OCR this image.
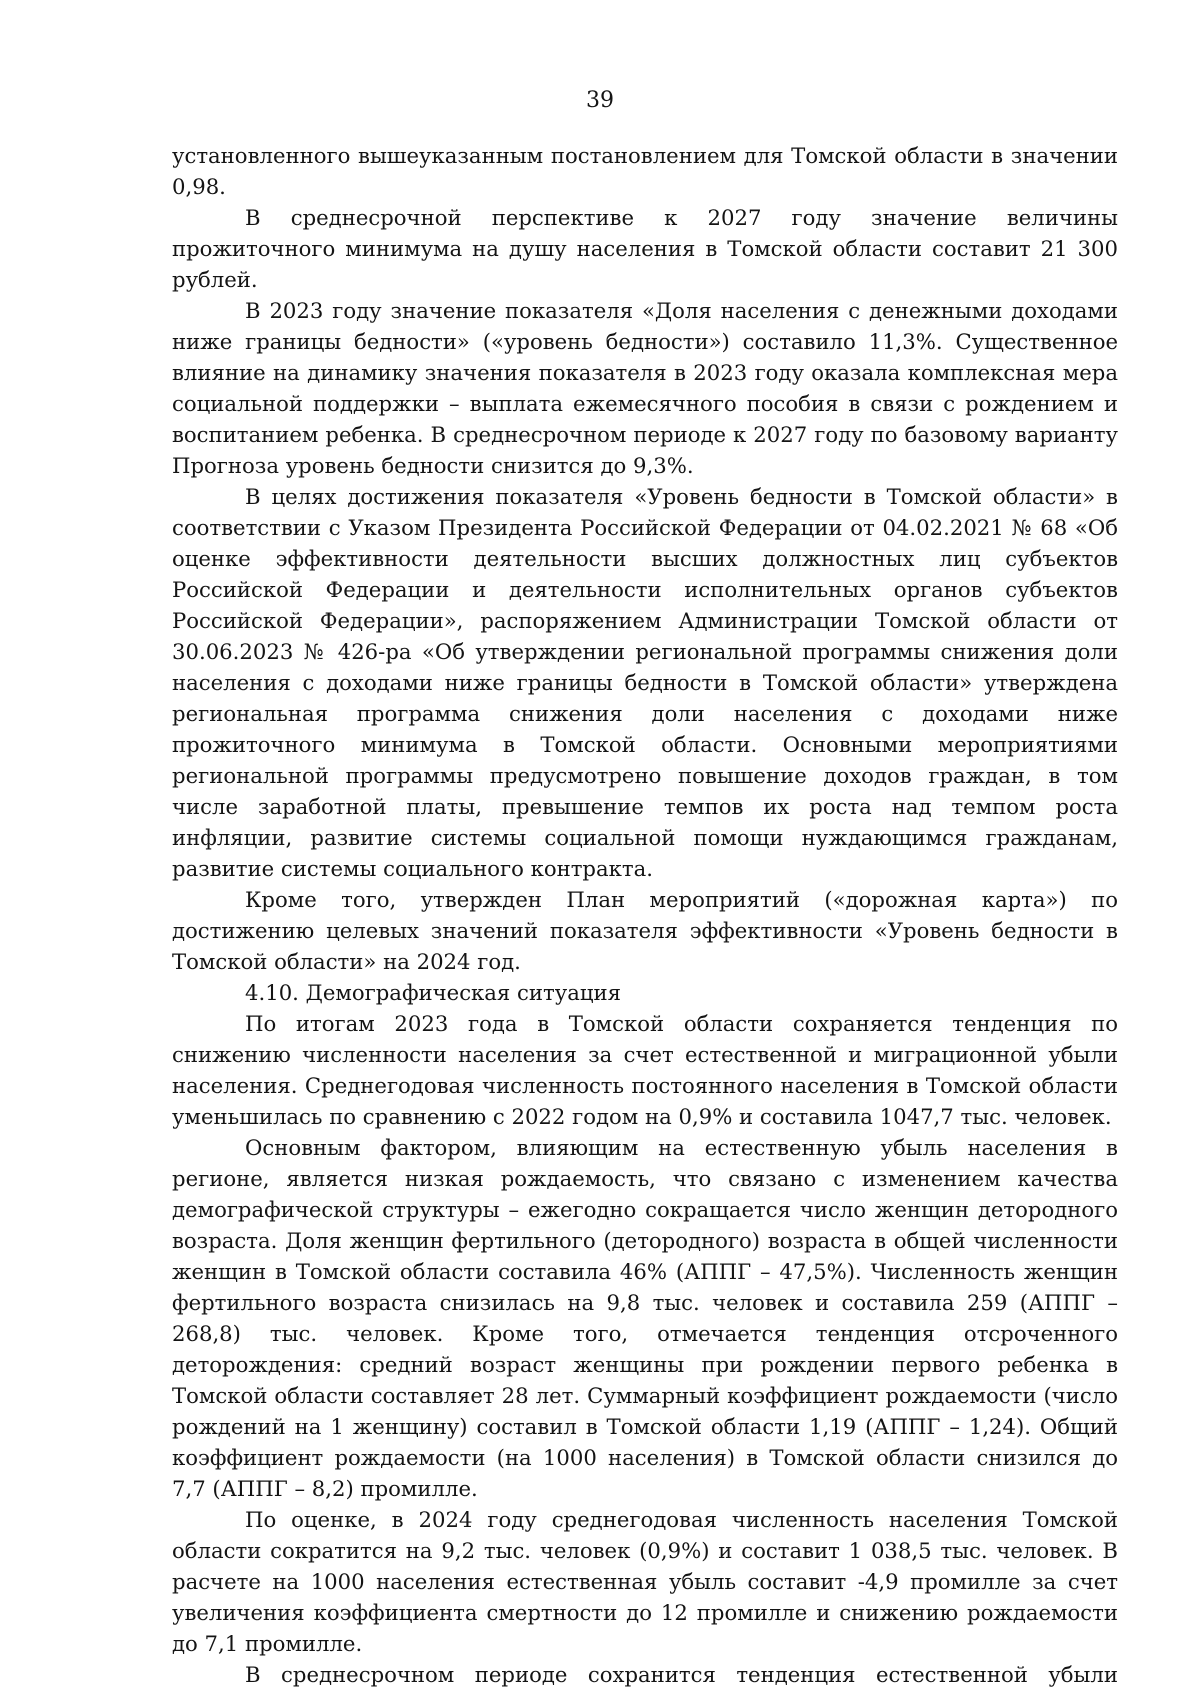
39

установленного вышеуказанным постановлением для Томской области в значении 0,98.

В среднесрочной перспективе к 2027 году значение величины прожиточного минимума на душу населения в Томской области составит 21 300 рублей.

В 2023 году значение показателя «Доля населения с денежными доходами ниже границы бедности» («уровень бедности») составило 11,3%. Существенное влияние на динамику значения показателя в 2023 году оказала комплексная мера социальной поддержки – выплата ежемесячного пособия в связи с рождением и воспитанием ребенка. В среднесрочном периоде к 2027 году по базовому варианту Прогноза уровень бедности снизится до 9,3%.

В целях достижения показателя «Уровень бедности в Томской области» в соответствии с Указом Президента Российской Федерации от 04.02.2021 № 68 «Об оценке эффективности деятельности высших должностных лиц субъектов Российской Федерации и деятельности исполнительных органов субъектов Российской Федерации», распоряжением Администрации Томской области от 30.06.2023 № 426-ра «Об утверждении региональной программы снижения доли населения с доходами ниже границы бедности в Томской области» утверждена региональная программа снижения доли населения с доходами ниже прожиточного минимума в Томской области. Основными мероприятиями региональной программы предусмотрено повышение доходов граждан, в том числе заработной платы, превышение темпов их роста над темпом роста инфляции, развитие системы социальной помощи нуждающимся гражданам, развитие системы социального контракта.

Кроме того, утвержден План мероприятий («дорожная карта») по достижению целевых значений показателя эффективности «Уровень бедности в Томской области» на 2024 год.

4.10. Демографическая ситуация

По итогам 2023 года в Томской области сохраняется тенденция по снижению численности населения за счет естественной и миграционной убыли населения. Среднегодовая численность постоянного населения в Томской области уменьшилась по сравнению с 2022 годом на 0,9% и составила 1047,7 тыс. человек.

Основным фактором, влияющим на естественную убыль населения в регионе, является низкая рождаемость, что связано с изменением качества демографической структуры – ежегодно сокращается число женщин детородного возраста. Доля женщин фертильного (детородного) возраста в общей численности женщин в Томской области составила 46% (АППГ – 47,5%). Численность женщин фертильного возраста снизилась на 9,8 тыс. человек и составила 259 (АППГ – 268,8) тыс. человек. Кроме того, отмечается тенденция отсроченного деторождения: средний возраст женщины при рождении первого ребенка в Томской области составляет 28 лет. Суммарный коэффициент рождаемости (число рождений на 1 женщину) составил в Томской области 1,19 (АППГ – 1,24). Общий коэффициент рождаемости (на 1000 населения) в Томской области снизился до 7,7 (АППГ – 8,2) промилле.

По оценке, в 2024 году среднегодовая численность населения Томской области сократится на 9,2 тыс. человек (0,9%) и составит 1 038,5 тыс. человек. В расчете на 1000 населения естественная убыль составит -4,9 промилле за счет увеличения коэффициента смертности до 12 промилле и снижению рождаемости до 7,1 промилле.

В среднесрочном периоде сохранится тенденция естественной убыли
